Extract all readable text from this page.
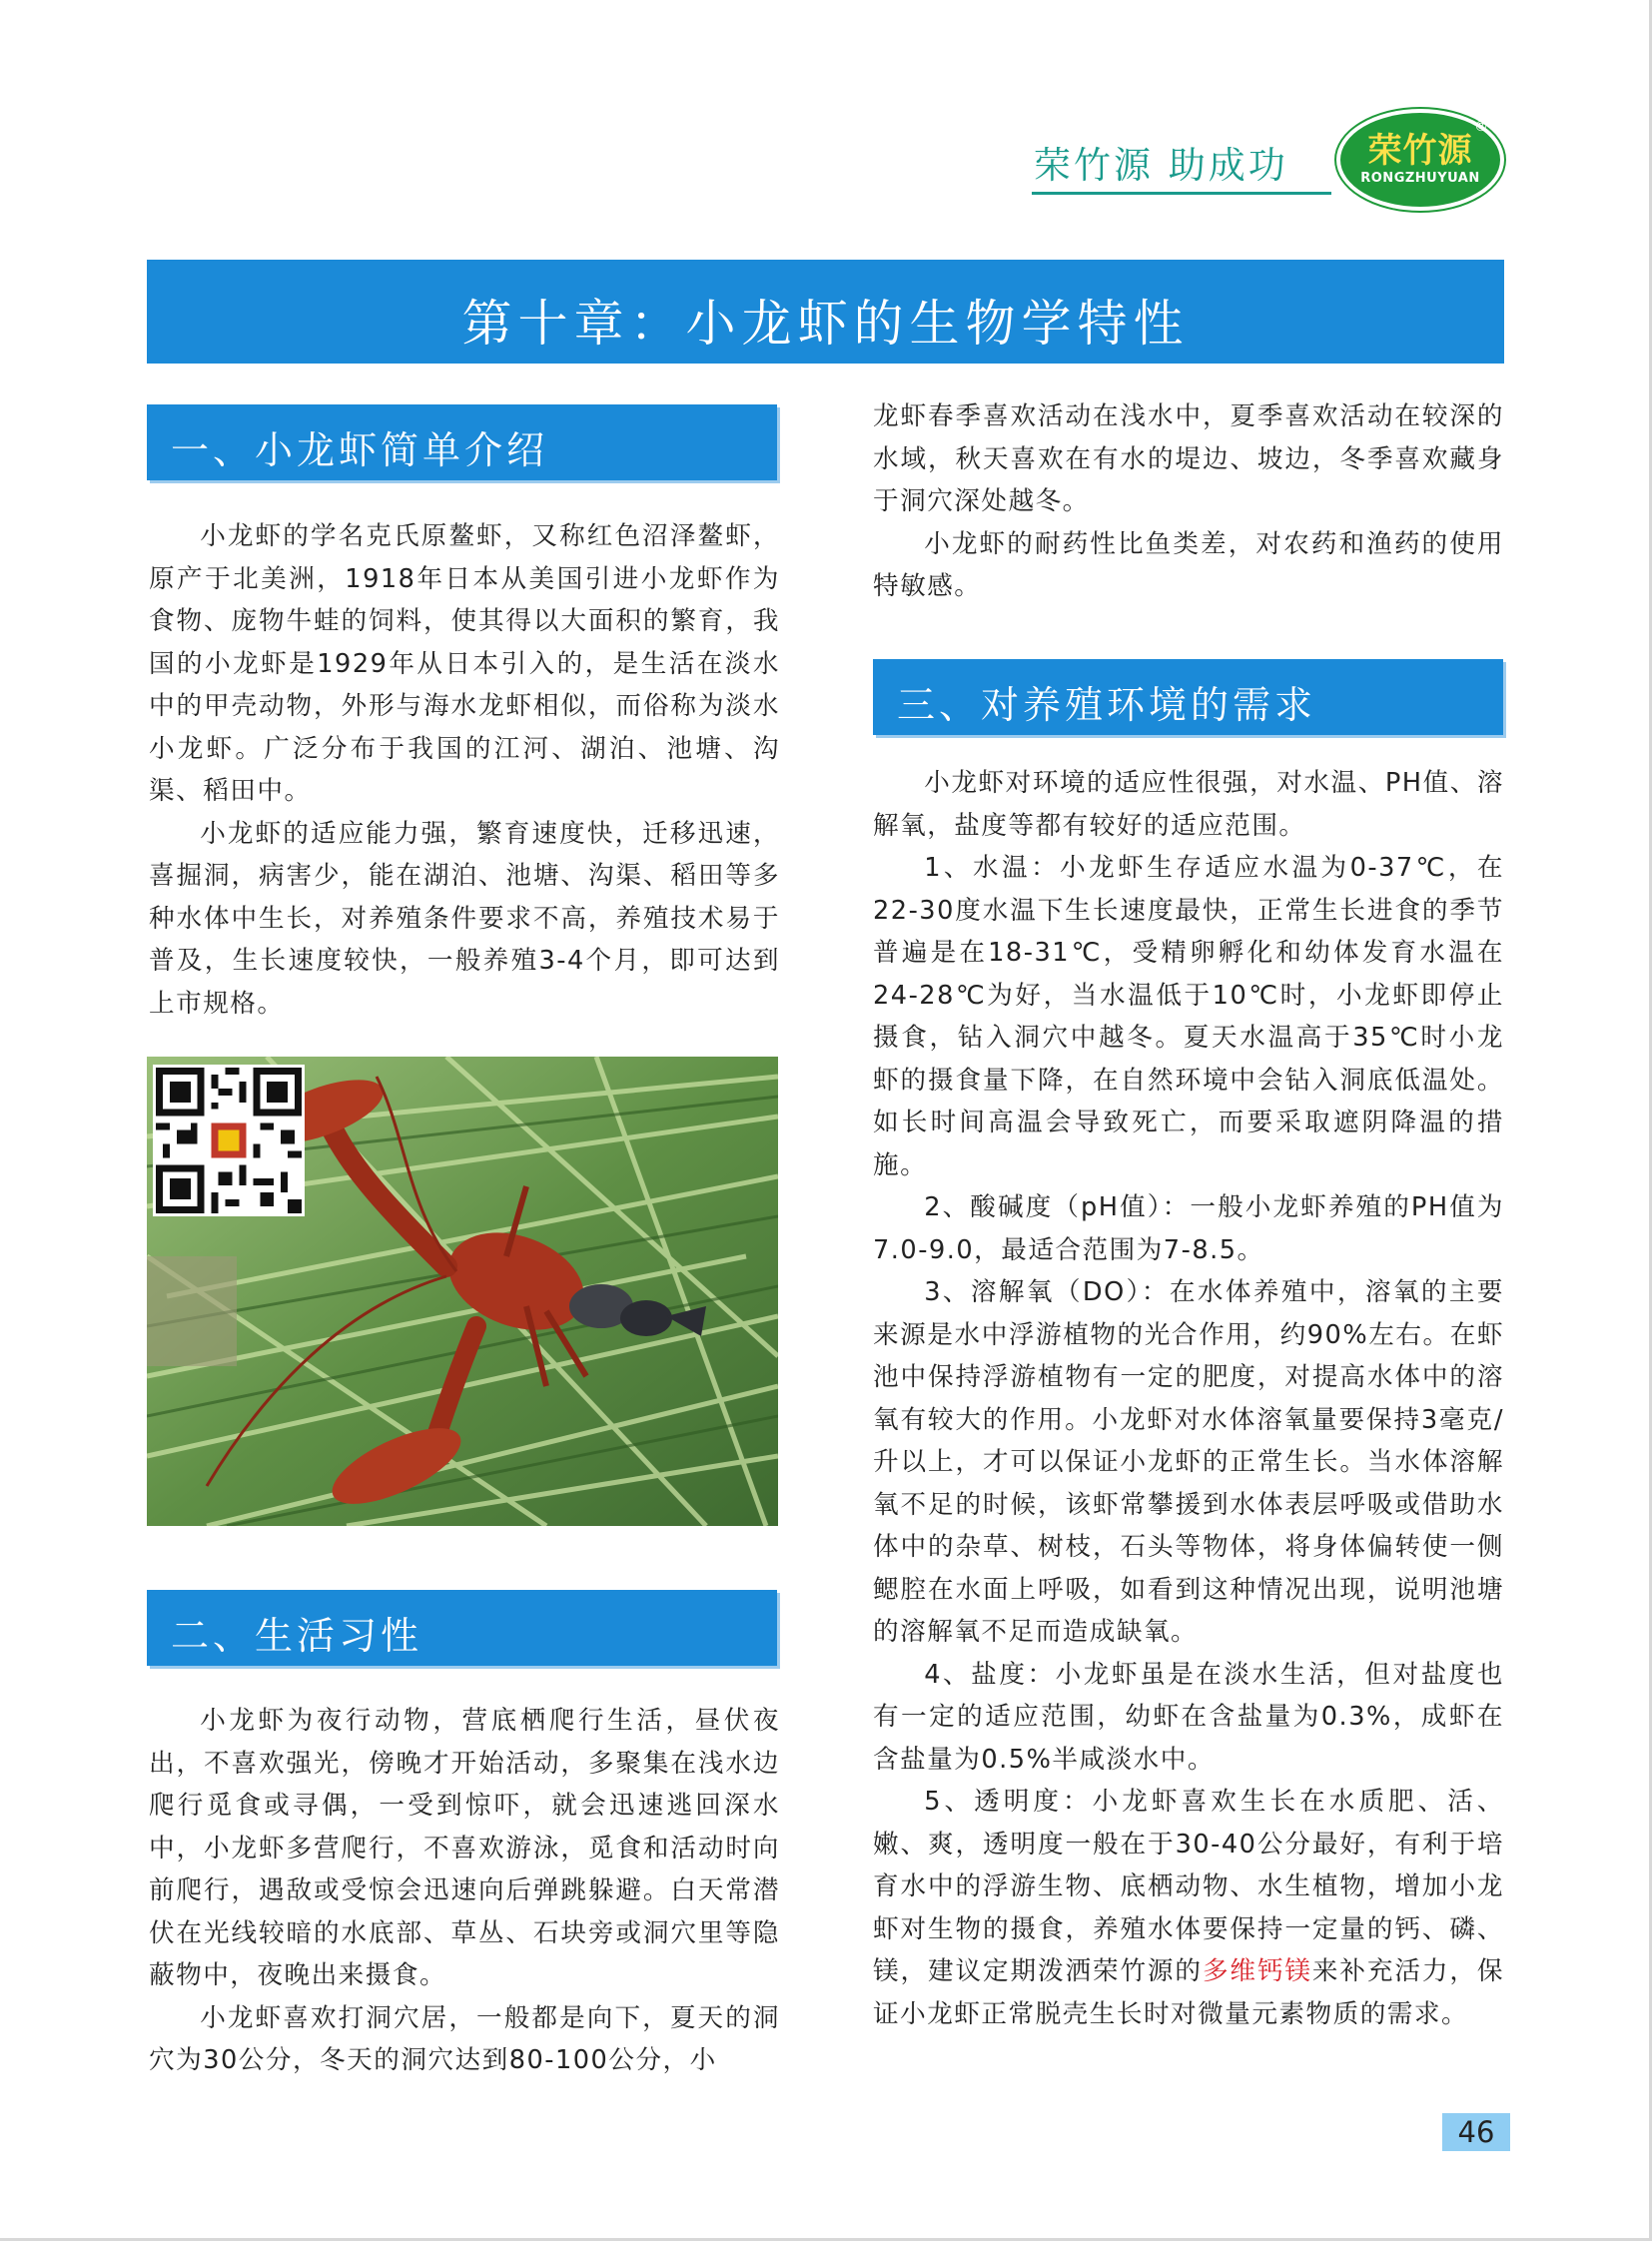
荣竹源 助成功	荣竹源
®
RONGZHUYUAN
第十章：小龙虾的生物学特性
一、小龙虾简单介绍

小龙虾的学名克氏原鳌虾，又称红色沼泽鳌虾，原产于北美洲，1918年日本从美国引进小龙虾作为食物、庞物牛蛙的饲料，使其得以大面积的繁育，我国的小龙虾是1929年从日本引入的，是生活在淡水中的甲壳动物，外形与海水龙虾相似，而俗称为淡水小龙虾。广泛分布于我国的江河、湖泊、池塘、沟渠、稻田中。

小龙虾的适应能力强，繁育速度快，迁移迅速，喜掘洞，病害少，能在湖泊、池塘、沟渠、稻田等多种水体中生长，对养殖条件要求不高，养殖技术易于普及，生长速度较快，一般养殖3-4个月，即可达到上市规格。

二、生活习性

小龙虾为夜行动物，营底栖爬行生活，昼伏夜出，不喜欢强光，傍晚才开始活动，多聚集在浅水边爬行觅食或寻偶，一受到惊吓，就会迅速逃回深水中，小龙虾多营爬行，不喜欢游泳，觅食和活动时向前爬行，遇敌或受惊会迅速向后弹跳躲避。白天常潜伏在光线较暗的水底部、草丛、石块旁或洞穴里等隐蔽物中，夜晚出来摄食。

小龙虾喜欢打洞穴居，一般都是向下，夏天的洞穴为30公分，冬天的洞穴达到80-100公分，小

龙虾春季喜欢活动在浅水中，夏季喜欢活动在较深的水域，秋天喜欢在有水的堤边、坡边，冬季喜欢藏身于洞穴深处越冬。

小龙虾的耐药性比鱼类差，对农药和渔药的使用特敏感。

三、对养殖环境的需求

小龙虾对环境的适应性很强，对水温、PH值、溶解氧，盐度等都有较好的适应范围。

1、水温：小龙虾生存适应水温为0-37℃，在22-30度水温下生长速度最快，正常生长进食的季节普遍是在18-31℃，受精卵孵化和幼体发育水温在24-28℃为好，当水温低于10℃时，小龙虾即停止摄食，钻入洞穴中越冬。夏天水温高于35℃时小龙虾的摄食量下降，在自然环境中会钻入洞底低温处。如长时间高温会导致死亡，而要采取遮阴降温的措施。

2、酸碱度（pH值）：一般小龙虾养殖的PH值为7.0-9.0，最适合范围为7-8.5。

3、溶解氧（DO）：在水体养殖中，溶氧的主要来源是水中浮游植物的光合作用，约90%左右。在虾池中保持浮游植物有一定的肥度，对提高水体中的溶氧有较大的作用。小龙虾对水体溶氧量要保持3毫克/升以上，才可以保证小龙虾的正常生长。当水体溶解氧不足的时候，该虾常攀援到水体表层呼吸或借助水体中的杂草、树枝，石头等物体，将身体偏转使一侧鳃腔在水面上呼吸，如看到这种情况出现，说明池塘的溶解氧不足而造成缺氧。

4、盐度：小龙虾虽是在淡水生活，但对盐度也有一定的适应范围，幼虾在含盐量为0.3%，成虾在含盐量为0.5%半咸淡水中。

5、透明度：小龙虾喜欢生长在水质肥、活、嫩、爽，透明度一般在于30-40公分最好，有利于培育水中的浮游生物、底栖动物、水生植物，增加小龙虾对生物的摄食，养殖水体要保持一定量的钙、磷、镁，建议定期泼洒荣竹源的多维钙镁来补充活力，保证小龙虾正常脱壳生长时对微量元素物质的需求。

46
